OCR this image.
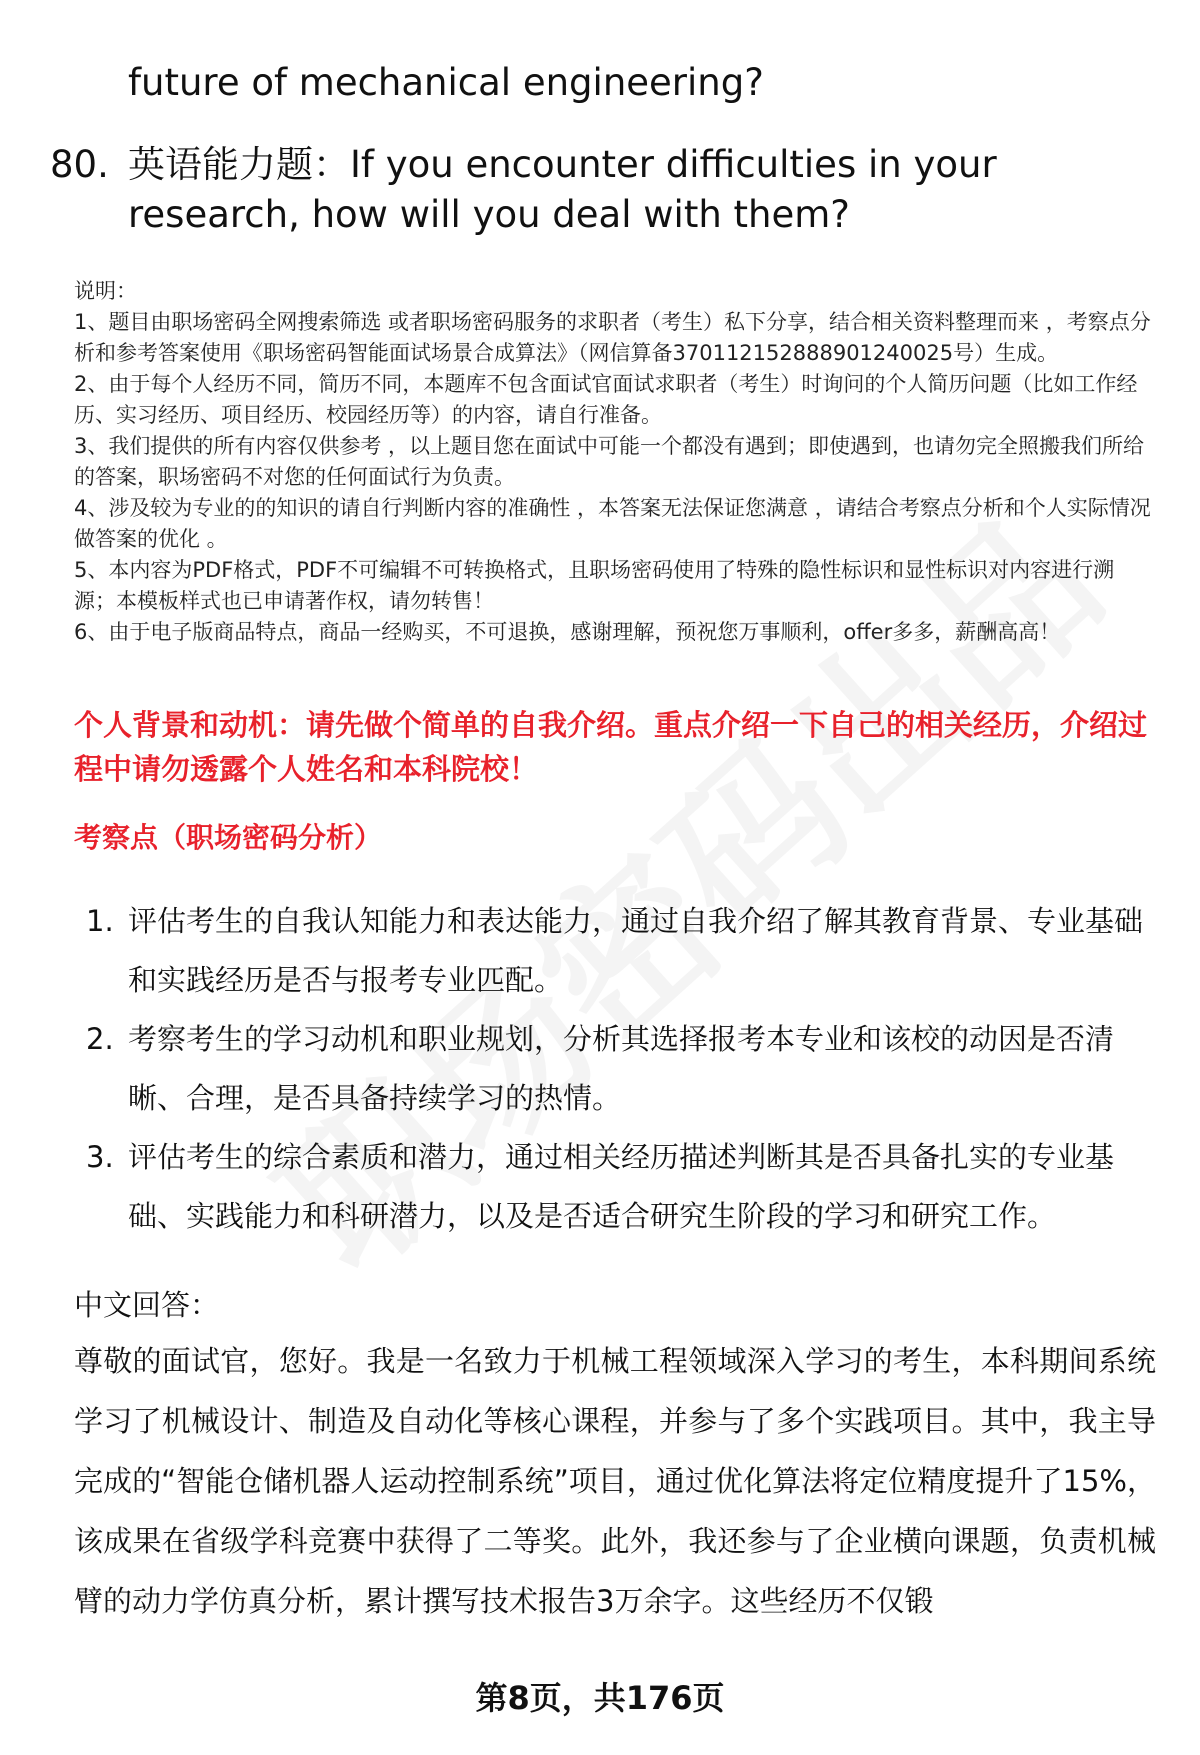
future of mechanical engineering?

80. 英语能力题：If you encounter difficulties in your research, how will you deal with them?

说明：

1、题目由职场密码全网搜索筛选 或者职场密码服务的求职者（考生）私下分享，结合相关资料整理而来 ，考察点分析和参考答案使用《职场密码智能面试场景合成算法》（网信算备370112152888901240025号）生成。

2、由于每个人经历不同，简历不同，本题库不包含面试官面试求职者（考生）时询问的个人简历问题（比如工作经历、实习经历、项目经历、校园经历等）的内容，请自行准备。

3、我们提供的所有内容仅供参考 ，以上题目您在面试中可能一个都没有遇到；即使遇到，也请勿完全照搬我们所给的答案，职场密码不对您的任何面试行为负责。

4、涉及较为专业的的知识的请自行判断内容的准确性 ，本答案无法保证您满意 ，请结合考察点分析和个人实际情况做答案的优化 。

5、本内容为PDF格式，PDF不可编辑不可转换格式，且职场密码使用了特殊的隐性标识和显性标识对内容进行溯源；本模板样式也已申请著作权，请勿转售！

6、由于电子版商品特点，商品一经购买，不可退换，感谢理解，预祝您万事顺利，offer多多，薪酬高高！

个人背景和动机：请先做个简单的自我介绍。重点介绍一下自己的相关经历，介绍过程中请勿透露个人姓名和本科院校！

考察点（职场密码分析）

1. 评估考生的自我认知能力和表达能力，通过自我介绍了解其教育背景、专业基础和实践经历是否与报考专业匹配。
2. 考察考生的学习动机和职业规划，分析其选择报考本专业和该校的动因是否清晰、合理，是否具备持续学习的热情。
3. 评估考生的综合素质和潜力，通过相关经历描述判断其是否具备扎实的专业基础、实践能力和科研潜力，以及是否适合研究生阶段的学习和研究工作。

中文回答：

尊敬的面试官，您好。我是一名致力于机械工程领域深入学习的考生，本科期间系统学习了机械设计、制造及自动化等核心课程，并参与了多个实践项目。其中，我主导完成的“智能仓储机器人运动控制系统”项目，通过优化算法将定位精度提升了15%，该成果在省级学科竞赛中获得了二等奖。此外，我还参与了企业横向课题，负责机械臂的动力学仿真分析，累计撰写技术报告3万余字。这些经历不仅锻

第8页，共176页
